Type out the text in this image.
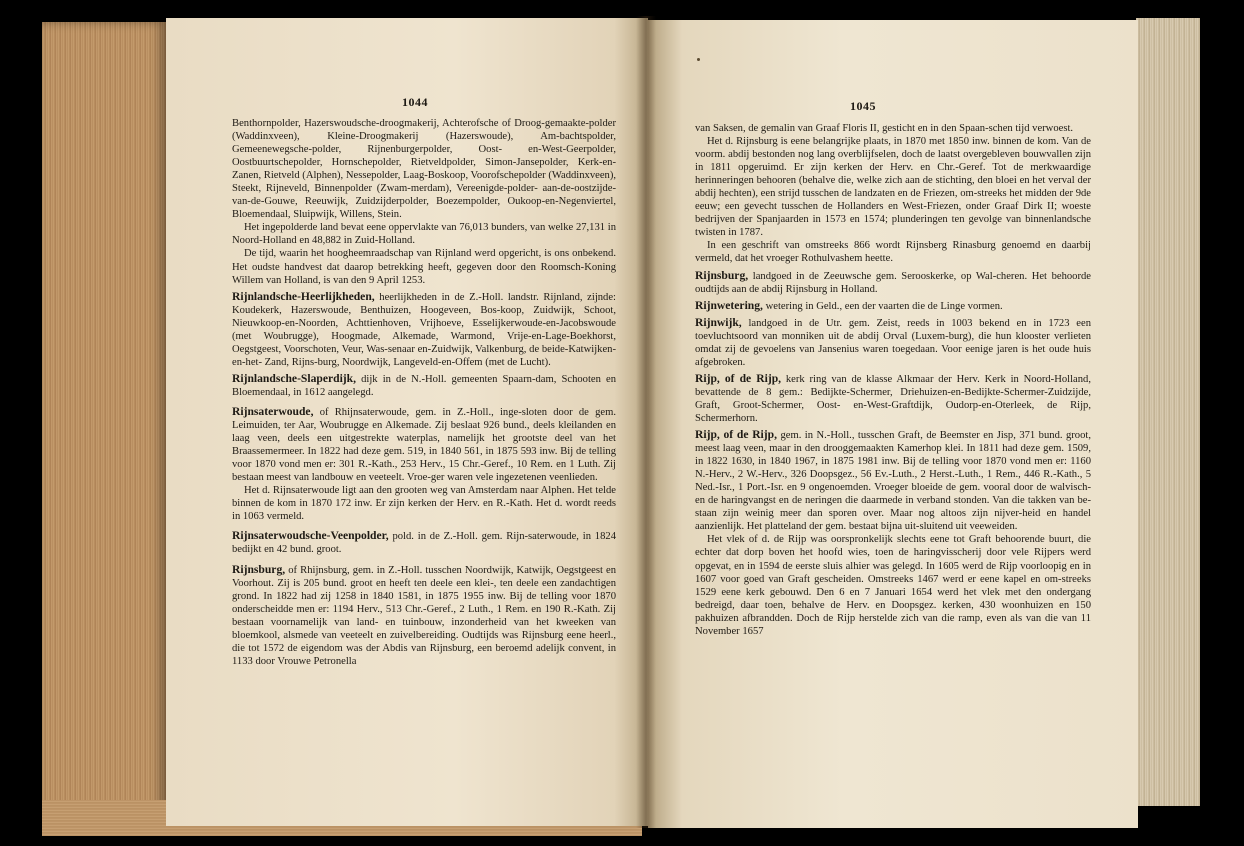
1044	1045

Benthornpolder, Hazerswoudsche-droogmakerij, Achterofsche of Droog-gemaakte-polder (Waddinxveen), Kleine-Droogmakerij (Hazerswoude), Am-bachtspolder, Gemeenewegsche-polder, Rijnenburgerpolder, Oost- en-West-Geerpolder, Oostbuurtschepolder, Hornschepolder, Rietveldpolder, Simon-Jansepolder, Kerk-en-Zanen, Rietveld (Alphen), Nessepolder, Laag-Boskoop, Voorofschepolder (Waddinxveen), Steekt, Rijneveld, Binnenpolder (Zwam-merdam), Vereenigde-polder- aan-de-oostzijde- van-de-Gouwe, Reeuwijk, Zuidzijderpolder, Boezempolder, Oukoop-en-Negenviertel, Bloemendaal, Sluipwijk, Willens, Stein.

Het ingepolderde land bevat eene oppervlakte van 76,013 bunders, van welke 27,131 in Noord-Holland en 48,882 in Zuid-Holland.

De tijd, waarin het hoogheemraadschap van Rijnland werd opgericht, is ons onbekend. Het oudste handvest dat daarop betrekking heeft, gegeven door den Roomsch-Koning Willem van Holland, is van den 9 April 1253.

Rijnlandsche-Heerlijkheden, heerlijkheden in de Z.-Holl. landstr. Rijnland, zijnde: Koudekerk, Hazerswoude, Benthuizen, Hoogeveen, Bos-koop, Zuidwijk, Schoot, Nieuwkoop-en-Noorden, Achttienhoven, Vrijhoeve, Esselijkerwoude-en-Jacobswoude (met Woubrugge), Hoogmade, Alkemade, Warmond, Vrije-en-Lage-Boekhorst, Oegstgeest, Voorschoten, Veur, Was-senaar en-Zuidwijk, Valkenburg, de beide-Katwijken-en-het- Zand, Rijns-burg, Noordwijk, Langeveld-en-Offem (met de Lucht).

Rijnlandsche-Slaperdijk, dijk in de N.-Holl. gemeenten Spaarn-dam, Schooten en Bloemendaal, in 1612 aangelegd.

Rijnsaterwoude, of Rhijnsaterwoude, gem. in Z.-Holl., inge-sloten door de gem. Leimuiden, ter Aar, Woubrugge en Alkemade. Zij beslaat 926 bund., deels kleilanden en laag veen, deels een uitgestrekte waterplas, namelijk het grootste deel van het Braassemermeer. In 1822 had deze gem. 519, in 1840 561, in 1875 593 inw. Bij de telling voor 1870 vond men er: 301 R.-Kath., 253 Herv., 15 Chr.-Geref., 10 Rem. en 1 Luth. Zij bestaan meest van landbouw en veeteelt. Vroe-ger waren vele ingezetenen veenlieden.

Het d. Rijnsaterwoude ligt aan den grooten weg van Amsterdam naar Alphen. Het telde binnen de kom in 1870 172 inw. Er zijn kerken der Herv. en R.-Kath. Het d. wordt reeds in 1063 vermeld.

Rijnsaterwoudsche-Veenpolder, pold. in de Z.-Holl. gem. Rijn-saterwoude, in 1824 bedijkt en 42 bund. groot.

Rijnsburg, of Rhijnsburg, gem. in Z.-Holl. tusschen Noordwijk, Katwijk, Oegstgeest en Voorhout. Zij is 205 bund. groot en heeft ten deele een klei-, ten deele een zandachtigen grond. In 1822 had zij 1258 in 1840 1581, in 1875 1955 inw. Bij de telling voor 1870 onderscheidde men er: 1194 Herv., 513 Chr.-Geref., 2 Luth., 1 Rem. en 190 R.-Kath. Zij bestaan voornamelijk van land- en tuinbouw, inzonderheid van het kweeken van bloemkool, alsmede van veeteelt en zuivelbereiding. Oudtijds was Rijnsburg eene heerl., die tot 1572 de eigendom was der Abdis van Rijnsburg, een beroemd adelijk convent, in 1133 door Vrouwe Petronella

van Saksen, de gemalin van Graaf Floris II, gesticht en in den Spaan-schen tijd verwoest.

Het d. Rijnsburg is eene belangrijke plaats, in 1870 met 1850 inw. binnen de kom. Van de voorm. abdij bestonden nog lang overblijfselen, doch de laatst overgebleven bouwvallen zijn in 1811 opgeruimd. Er zijn kerken der Herv. en Chr.-Geref. Tot de merkwaardige herinneringen behooren (behalve die, welke zich aan de stichting, den bloei en het verval der abdij hechten), een strijd tusschen de landzaten en de Friezen, om-streeks het midden der 9de eeuw; een gevecht tusschen de Hollanders en West-Friezen, onder Graaf Dirk II; woeste bedrijven der Spanjaarden in 1573 en 1574; plunderingen ten gevolge van binnenlandsche twisten in 1787.

In een geschrift van omstreeks 866 wordt Rijnsberg Rinasburg genoemd en daarbij vermeld, dat het vroeger Rothulvashem heette.

Rijnsburg, landgoed in de Zeeuwsche gem. Serooskerke, op Wal-cheren. Het behoorde oudtijds aan de abdij Rijnsburg in Holland.

Rijnwetering, wetering in Geld., een der vaarten die de Linge vormen.

Rijnwijk, landgoed in de Utr. gem. Zeist, reeds in 1003 bekend en in 1723 een toevluchtsoord van monniken uit de abdij Orval (Luxem-burg), die hun klooster verlieten omdat zij de gevoelens van Jansenius waren toegedaan. Voor eenige jaren is het oude huis afgebroken.

Rijp, of de Rijp, kerk ring van de klasse Alkmaar der Herv. Kerk in Noord-Holland, bevattende de 8 gem.: Bedijkte-Schermer, Driehuizen-en-Bedijkte-Schermer-Zuidzijde, Graft, Groot-Schermer, Oost- en-West-Graftdijk, Oudorp-en-Oterleek, de Rijp, Schermerhorn.

Rijp, of de Rijp, gem. in N.-Holl., tusschen Graft, de Beemster en Jisp, 371 bund. groot, meest laag veen, maar in den drooggemaakten Kamerhop klei. In 1811 had deze gem. 1509, in 1822 1630, in 1840 1967, in 1875 1981 inw. Bij de telling voor 1870 vond men er: 1160 N.-Herv., 2 W.-Herv., 326 Doopsgez., 56 Ev.-Luth., 2 Herst.-Luth., 1 Rem., 446 R.-Kath., 5 Ned.-Isr., 1 Port.-Isr. en 9 ongenoemden. Vroeger bloeide de gem. vooral door de walvisch- en de haringvangst en de neringen die daarmede in verband stonden. Van die takken van be-staan zijn weinig meer dan sporen over. Maar nog altoos zijn nijver-heid en handel aanzienlijk. Het platteland der gem. bestaat bijna uit-sluitend uit veeweiden.

Het vlek of d. de Rijp was oorspronkelijk slechts eene tot Graft behoorende buurt, die echter dat dorp boven het hoofd wies, toen de haringvisscherij door vele Rijpers werd opgevat, en in 1594 de eerste sluis alhier was gelegd. In 1605 werd de Rijp voorloopig en in 1607 voor goed van Graft gescheiden. Omstreeks 1467 werd er eene kapel en om-streeks 1529 eene kerk gebouwd. Den 6 en 7 Januari 1654 werd het vlek met den ondergang bedreigd, daar toen, behalve de Herv. en Doopsgez. kerken, 430 woonhuizen en 150 pakhuizen afbrandden. Doch de Rijp herstelde zich van die ramp, even als van die van 11 November 1657
